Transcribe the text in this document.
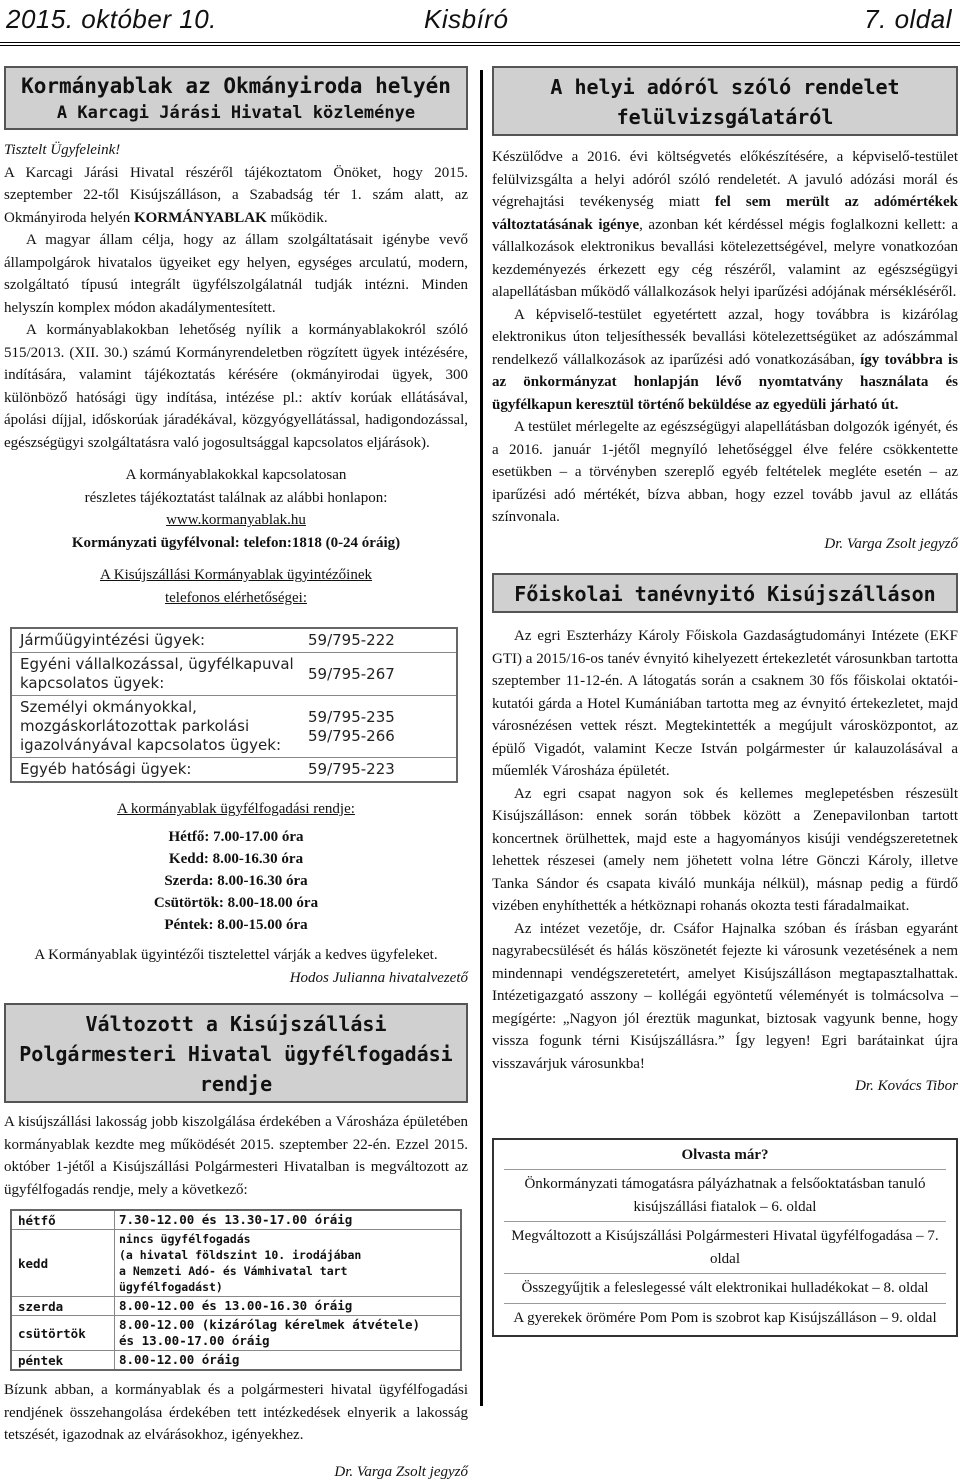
2015. október 10.	Kisbíró	7. oldal
Kormányablak az Okmányiroda helyén
A Karcagi Járási Hivatal közleménye

Tisztelt Ügyfeleink!

A Karcagi Járási Hivatal részéről tájékoztatom Önöket, hogy 2015. szeptember 22-től Kisújszálláson, a Szabadság tér 1. szám alatt, az Okmányiroda helyén KORMÁNYABLAK működik.

A magyar állam célja, hogy az állam szolgáltatásait igénybe vevő állampolgárok hivatalos ügyeiket egy helyen, egységes arculatú, modern, szolgáltató típusú integrált ügyfélszolgálatnál tudják intézni. Minden helyszín komplex módon akadálymentesített.

A kormányablakokban lehetőség nyílik a kormányablakokról szóló 515/2013. (XII. 30.) számú Kormányrendeletben rögzített ügyek intézésére, indítására, valamint tájékoztatás kérésére (okmányirodai ügyek, 300 különböző hatósági ügy indítása, intézése pl.: aktív korúak ellátásával, ápolási díjjal, időskorúak járadékával, közgyógyellátással, hadigondozással, egészségügyi szolgáltatásra való jogosultsággal kapcsolatos eljárások).

A kormányablakokkal kapcsolatosan
részletes tájékoztatást találnak az alábbi honlapon:
www.kormanyablak.hu
Kormányzati ügyfélvonal: telefon:1818 (0-24 óráig)
A Kisújszállási Kormányablak ügyintézőinek
telefonos elérhetőségei:
Járműügyintézési ügyek:	59/795-222
Egyéni vállalkozással, ügyfélkapuval kapcsolatos ügyek:
59/795-267
Személyi okmányokkal, mozgáskorlátozottak parkolási igazolványával kapcsolatos ügyek:
59/795-235
59/795-266
Egyéb hatósági ügyek:	59/795-223
A kormányablak ügyfélfogadási rendje:
Hétfő: 7.00-17.00 óra
Kedd: 8.00-16.30 óra
Szerda: 8.00-16.30 óra
Csütörtök: 8.00-18.00 óra
Péntek: 8.00-15.00 óra

A Kormányablak ügyintézői tisztelettel várják a kedves ügyfeleket.

Hodos Julianna hivatalvezető

Változott a Kisújszállási Polgármesteri Hivatal ügyfélfogadási rendje

A kisújszállási lakosság jobb kiszolgálása érdekében a Városháza épületében kormányablak kezdte meg működését 2015. szeptember 22-én. Ezzel 2015. október 1-jétől a Kisújszállási Polgármesteri Hivatalban is megváltozott az ügyfélfogadás rendje, mely a következő:

hétfő	7.30-12.00 és 13.30-17.00 óráig
kedd
nincs ügyfélfogadás
(a hivatal földszint 10. irodájában
a Nemzeti Adó- és Vámhivatal tart ügyfélfogadást)
szerda	8.00-12.00 és 13.00-16.30 óráig
csütörtök
8.00-12.00 (kizárólag kérelmek átvétele)
és 13.00-17.00 óráig
péntek	8.00-12.00 óráig

Bízunk abban, a kormányablak és a polgármesteri hivatal ügyfélfogadási rendjének összehangolása érdekében tett intézkedések elnyerik a lakosság tetszését, igazodnak az elvárásokhoz, igényekhez.

Dr. Varga Zsolt jegyző

A helyi adóról szóló rendelet
felülvizsgálatáról

Készülődve a 2016. évi költségvetés előkészítésére, a képviselő-testület felülvizsgálta a helyi adóról szóló rendeletét. A javuló adózási morál és végrehajtási tevékenység miatt fel sem merült az adómértékek változtatásának igénye, azonban két kérdéssel mégis foglalkozni kellett: a vállalkozások elektronikus bevallási kötelezettségével, melyre vonatkozóan kezdeményezés érkezett egy cég részéről, valamint az egészségügyi alapellátásban működő vállalkozások helyi iparűzési adójának mérsékléséről.

A képviselő-testület egyetértett azzal, hogy továbbra is kizárólag elektronikus úton teljesíthessék bevallási kötelezettségüket az adószámmal rendelkező vállalkozások az iparűzési adó vonatkozásában, így továbbra is az önkormányzat honlapján lévő nyomtatvány használata és ügyfélkapun keresztül történő beküldése az egyedüli járható út.

A testület mérlegelte az egészségügyi alapellátásban dolgozók igényét, és a 2016. január 1-jétől megnyíló lehetőséggel élve felére csökkentette esetükben – a törvényben szereplő egyéb feltételek megléte esetén – az iparűzési adó mértékét, bízva abban, hogy ezzel tovább javul az ellátás színvonala.

Dr. Varga Zsolt jegyző

Főiskolai tanévnyitó Kisújszálláson

Az egri Eszterházy Károly Főiskola Gazdaságtudományi Intézete (EKF GTI) a 2015/16-os tanév évnyitó kihelyezett értekezletét városunkban tartotta szeptember 11-12-én. A látogatás során a csaknem 30 fős főiskolai oktatói-kutatói gárda a Hotel Kumániában tartotta meg az évnyitó értekezletet, majd városnézésen vettek részt. Megtekintették a megújult városközpontot, az épülő Vigadót, valamint Kecze István polgármester úr kalauzolásával a műemlék Városháza épületét.

Az egri csapat nagyon sok és kellemes meglepetésben részesült Kisújszálláson: ennek során többek között a Zenepavilonban tartott koncertnek örülhettek, majd este a hagyományos kisúji vendégszeretetnek lehettek részesei (amely nem jöhetett volna létre Gönczi Károly, illetve Tanka Sándor és csapata kiváló munkája nélkül), másnap pedig a fürdő vizében enyhíthették a hétköznapi rohanás okozta testi fáradalmaikat.

Az intézet vezetője, dr. Csáfor Hajnalka szóban és írásban egyaránt nagyrabecsülését és hálás köszönetét fejezte ki városunk vezetésének a nem mindennapi vendégszeretetért, amelyet Kisújszálláson megtapasztalhattak. Intézetigazgató asszony – kollégái egyöntetű véleményét is tolmácsolva – megígérte: „Nagyon jól éreztük magunkat, biztosak vagyunk benne, hogy vissza fogunk térni Kisújszállásra.” Így legyen! Egri barátainkat újra visszavárjuk városunkba!

Dr. Kovács Tibor

Olvasta már?
Önkormányzati támogatásra pályázhatnak a felsőoktatásban tanuló kisújszállási fiatalok – 6. oldal
Megváltozott a Kisújszállási Polgármesteri Hivatal ügyfélfogadása – 7. oldal
Összegyűjtik a feleslegessé vált elektronikai hulladékokat – 8. oldal
A gyerekek örömére Pom Pom is szobrot kap Kisújszálláson – 9. oldal
